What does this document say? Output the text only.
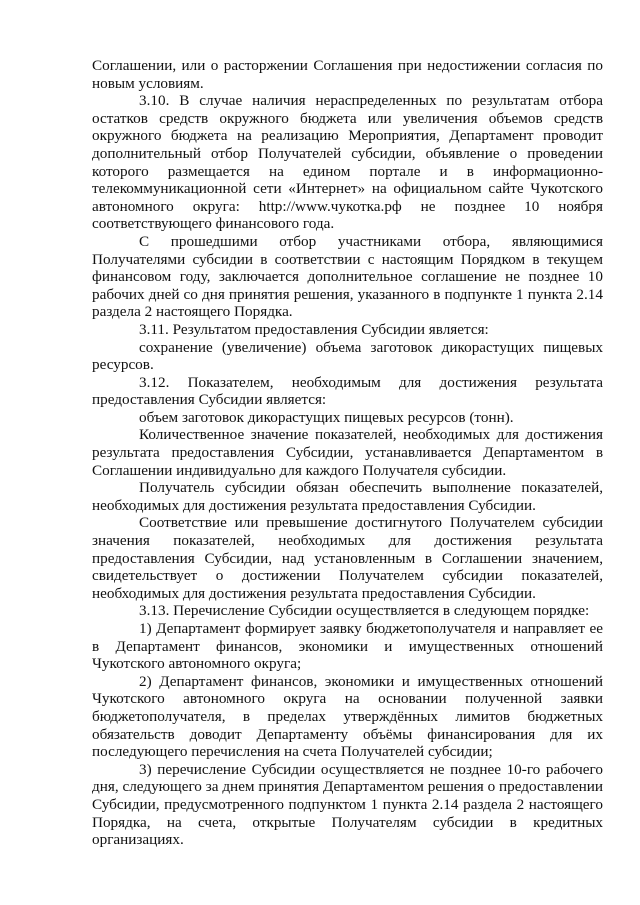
Соглашении, или о расторжении Соглашения при недостижении согласия по новым условиям.

3.10. В случае наличия нераспределенных по результатам отбора остатков средств окружного бюджета или увеличения объемов средств окружного бюджета на реализацию Мероприятия, Департамент проводит дополнительный отбор Получателей субсидии, объявление о проведении которого размещается на едином портале и в информационно-телекоммуникационной сети «Интернет» на официальном сайте Чукотского автономного округа: http://www.чукотка.рф не позднее 10 ноября соответствующего финансового года.

С прошедшими отбор участниками отбора, являющимися Получателями субсидии в соответствии с настоящим Порядком в текущем финансовом году, заключается дополнительное соглашение не позднее 10 рабочих дней со дня принятия решения, указанного в подпункте 1 пункта 2.14 раздела 2 настоящего Порядка.

3.11. Результатом предоставления Субсидии является:

сохранение (увеличение) объема заготовок дикорастущих пищевых ресурсов.

3.12. Показателем, необходимым для достижения результата предоставления Субсидии является:

объем заготовок дикорастущих пищевых ресурсов (тонн).

Количественное значение показателей, необходимых для достижения результата предоставления Субсидии, устанавливается Департаментом в Соглашении индивидуально для каждого Получателя субсидии.

Получатель субсидии обязан обеспечить выполнение показателей, необходимых для достижения результата предоставления Субсидии.

Соответствие или превышение достигнутого Получателем субсидии значения показателей, необходимых для достижения результата предоставления Субсидии, над установленным в Соглашении значением, свидетельствует о достижении Получателем субсидии показателей, необходимых для достижения результата предоставления Субсидии.

3.13. Перечисление Субсидии осуществляется в следующем порядке:

1) Департамент формирует заявку бюджетополучателя и направляет ее в Департамент финансов, экономики и имущественных отношений Чукотского автономного округа;

2) Департамент финансов, экономики и имущественных отношений Чукотского автономного округа на основании полученной заявки бюджетополучателя, в пределах утверждённых лимитов бюджетных обязательств доводит Департаменту объёмы финансирования для их последующего перечисления на счета Получателей субсидии;

3) перечисление Субсидии осуществляется не позднее 10-го рабочего дня, следующего за днем принятия Департаментом решения о предоставлении Субсидии, предусмотренного подпунктом 1 пункта 2.14 раздела 2 настоящего Порядка, на счета, открытые Получателям субсидии в кредитных организациях.
